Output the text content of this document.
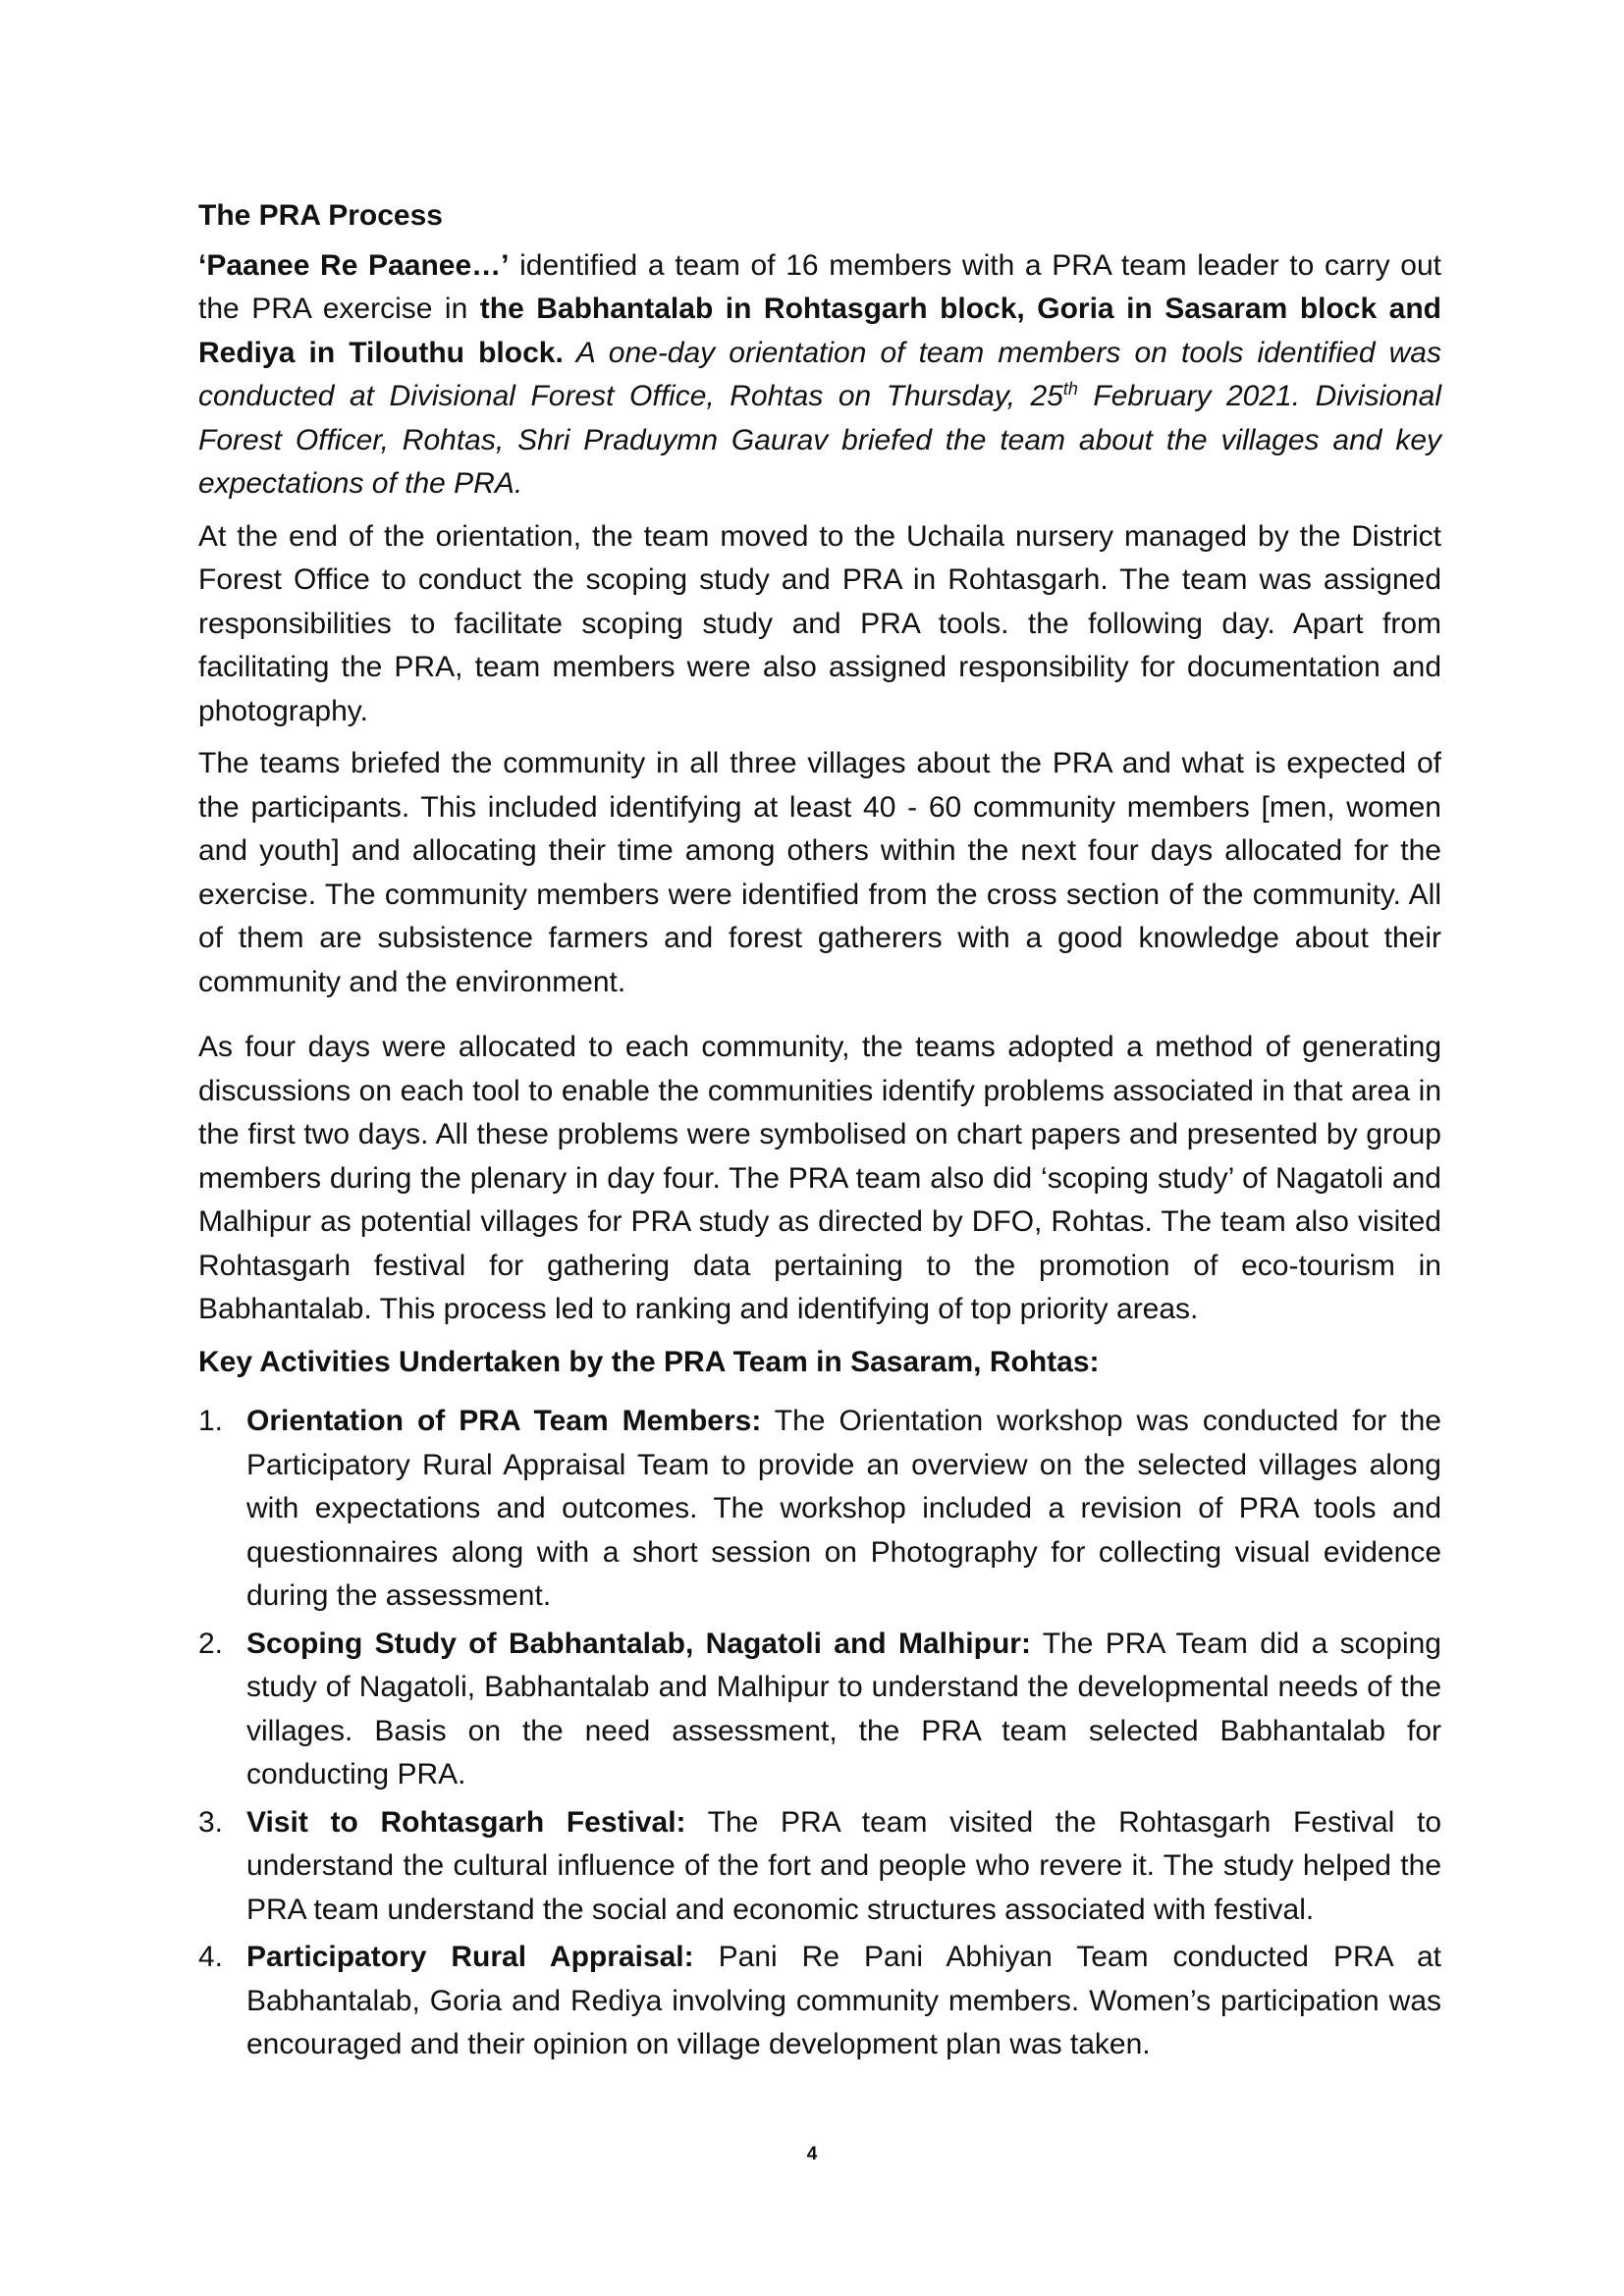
The PRA Process

‘Paanee Re Paanee…’ identified a team of 16 members with a PRA team leader to carry out the PRA exercise in the Babhantalab in Rohtasgarh block, Goria in Sasaram block and Rediya in Tilouthu block. A one-day orientation of team members on tools identified was conducted at Divisional Forest Office, Rohtas on Thursday, 25th February 2021. Divisional Forest Officer, Rohtas, Shri Praduymn Gaurav briefed the team about the villages and key expectations of the PRA.

At the end of the orientation, the team moved to the Uchaila nursery managed by the District Forest Office to conduct the scoping study and PRA in Rohtasgarh. The team was assigned responsibilities to facilitate scoping study and PRA tools. the following day. Apart from facilitating the PRA, team members were also assigned responsibility for documentation and photography.

The teams briefed the community in all three villages about the PRA and what is expected of the participants. This included identifying at least 40 - 60 community members [men, women and youth] and allocating their time among others within the next four days allocated for the exercise. The community members were identified from the cross section of the community. All of them are subsistence farmers and forest gatherers with a good knowledge about their community and the environment.

As four days were allocated to each community, the teams adopted a method of generating discussions on each tool to enable the communities identify problems associated in that area in the first two days. All these problems were symbolised on chart papers and presented by group members during the plenary in day four. The PRA team also did ‘scoping study’ of Nagatoli and Malhipur as potential villages for PRA study as directed by DFO, Rohtas. The team also visited Rohtasgarh festival for gathering data pertaining to the promotion of eco-tourism in Babhantalab. This process led to ranking and identifying of top priority areas.

Key Activities Undertaken by the PRA Team in Sasaram, Rohtas:
1. Orientation of PRA Team Members: The Orientation workshop was conducted for the Participatory Rural Appraisal Team to provide an overview on the selected villages along with expectations and outcomes. The workshop included a revision of PRA tools and questionnaires along with a short session on Photography for collecting visual evidence during the assessment.
2. Scoping Study of Babhantalab, Nagatoli and Malhipur: The PRA Team did a scoping study of Nagatoli, Babhantalab and Malhipur to understand the developmental needs of the villages. Basis on the need assessment, the PRA team selected Babhantalab for conducting PRA.
3. Visit to Rohtasgarh Festival: The PRA team visited the Rohtasgarh Festival to understand the cultural influence of the fort and people who revere it. The study helped the PRA team understand the social and economic structures associated with festival.
4. Participatory Rural Appraisal: Pani Re Pani Abhiyan Team conducted PRA at Babhantalab, Goria and Rediya involving community members. Women’s participation was encouraged and their opinion on village development plan was taken.
4
